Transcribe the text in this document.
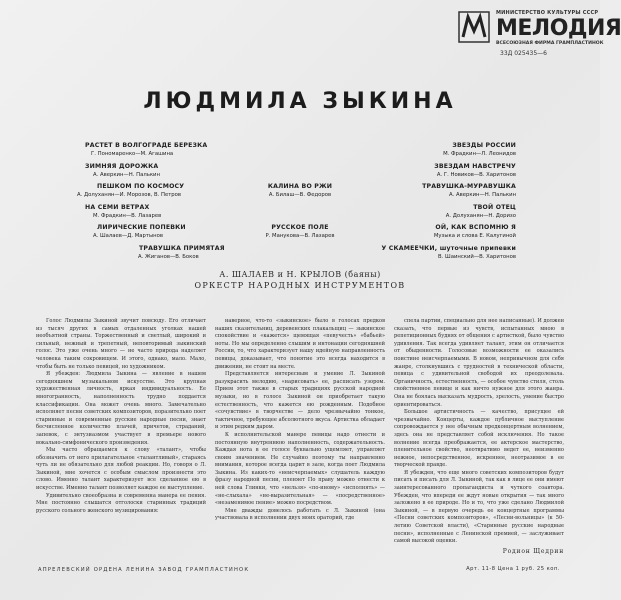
МИНИСТЕРСТВО КУЛЬТУРЫ СССР
МЕЛОДИЯ
ВСЕСОЮЗНАЯ ФИРМА ГРАМПЛАСТИНОК
33Д 025435—6
ЛЮДМИЛА ЗЫКИНА
РАСТЕТ В ВОЛГОГРАДЕ БЕРЕЗКА
Г. Пономаренко—М. Агашина
ЗИМНЯЯ ДОРОЖКА
А. Аверкин—Н. Палькин
ПЕШКОМ ПО КОСМОСУ
А. Долуханян—И. Морозов, В. Петров
НА СЕМИ ВЕТРАХ
М. Фрадкин—В. Лазарев
ЛИРИЧЕСКИЕ ПОПЕВКИ
А. Шалаев—Д. Мартынов
ТРАВУШКА ПРИМЯТАЯ
А. Жиганов—В. Боков
КАЛИНА ВО РЖИ
А. Билаш—В. Федоров
РУССКОЕ ПОЛЕ
Р. Манукова—В. Лазарев
ЗВЕЗДЫ РОССИИ
М. Фрадкин—Л. Леонидов
ЗВЕЗДАМ НАВСТРЕЧУ
А. Г. Новиков—В. Харитонов
ТРАВУШКА-МУРАВУШКА
А. Аверкин—Н. Палькин
ТВОЙ ОТЕЦ
А. Долуханян—Н. Доризо
ОЙ, КАК ВСПОМНЮ Я
Музыка и слова Е. Калугиной
У СКАМЕЕЧКИ, шуточные припевки
В. Шаинский—В. Харитонов
А. ШАЛАЕВ и Н. КРЫЛОВ (баяны)
ОРКЕСТР НАРОДНЫХ ИНСТРУМЕНТОВ

Голос Людмилы Зыкиной звучит повсюду. Его отличает из тысяч других в самых отдаленных уголках нашей необъятной страны. Торжественный и светлый, широкий и сильный, нежный и трепетный, неповторимый зыкинский голос. Это уже очень много — не часто природа наделяет человека таким сокровищем. И этого, однако, мало. Мало, чтобы быть не только певицей, но художником.

Я убежден: Людмила Зыкина — явление в нашем сегодняшнем музыкальном искусстве. Это крупная художественная личность, яркая индивидуальность. Ее многогранность, наполненность трудно поддается классификации. Она может очень много. Замечательно исполняет песни советских композиторов, поразительно поет старинные и современные русские народные песни, знает бесчисленное количество плачей, причетов, страданий, запевок, с энтузиазмом участвует в премьере нового вокально-симфонического произведения.

Мы часто обращаемся к слову «талант», чтобы обозначить от него прилагательное «талантливый», стараясь чуть ли не обязательно для любой реакции. Но, говоря о Л. Зыкиной, мне хочется с особым смыслом произнести это слово. Именно талант характеризует все сделанное ею в искусстве. Именно талант позволяет каждое ее выступление.

Удивительно своеобразна и современна манера ее пения. Мне постоянно слышатся отголоски старинных традиций русского сольного женского музицирования:

наверное, что-то «зыкинское» было в голосах предков наших сказительниц, деревенских плакальщиц — зыкинское спокойствие и «кажется» щемящая «певучесть» «бабьей» ноты. Но мы определенно слышим и интонации сегодняшней России, то, что характеризует нашу идейную направленность певицы, доказывает, что понятие это всегда находится в движении, не стоит на месте.

Представляется интересным и умение Л. Зыкиной разукрасить мелодию, «нарисовать» ее, расписать узором. Прием этот также в старых традициях русской народной музыки, но в голосе Зыкиной он приобретает такую естественность, что кажется ею рожденным. Подобное «сочувствие» в творчестве — дело чрезвычайно тонкое, тактичное, требующее абсолютного вкуса. Артистка обладает и этим редким даром.

К исполнительской манере певицы надо отнести и постоянную внутреннюю наполненность, содержательность. Каждая нота в ее голосе буквально ущемляет, управляет своим значением. Не случайно поэтому ты направленно внимания, которое всегда царит в зале, когда поет Людмила Зыкина. Из каких-то «неисчерпаемых» слушатель каждую фразу народной песни, пленяет По праву можно отнести к ней слова Глинки, что «нельзя» «по-иному» «исполнять» — «не-слыхала» «не-выразительная» — «посредственное» «незаменимое пение» можно посредством.

Мне дважды довелось работать с Л. Зыкиной (она участвовала в исполнении двух моих ораторий, где

спела партии, специально для нее написанные). И должен сказать, что первые из чувств, испытанных мною в репетиционных буднях от общения с артисткой, было чувство удивления. Так всегда удивляет талант, этим он отличается от обыденности. Голосовые возможности ее оказались поистине неисчерпаемыми. В новом, непривычном для себя жанре, столкнувшись с трудностей в технической области, певица с удивительной свободой их преодолевала. Органичность, естественность, — особое чувство стиля, столь свойственное певице и как ничто нужное для этого жанра. Она не боялась высказать мудрость, зрелость, умение быстро ориентироваться.

Большое артистичность — качество, присущее ей чрезвычайно. Концерты, каждое публичное выступление сопровождается у нее обычным предконцертным волнением, здесь она не представляет собой исключения. Но такое волнение всегда преображается, ее актерское мастерство, пленительное свойство, неотвратимо ведет ее, неизменно нежное, непосредственное, искреннее, неотразимое в ее творческой правде.

Я убежден, что еще много советских композиторов будут писать и писать для Л. Зыкиной, так как в лице ее они имеют заинтересованного пропагандиста и чуткого соавтора. Убежден, что впереди ее ждут новые открытия — так много заложено в ее природе. Но и то, что уже сделано Людмилой Зыкиной, — в первую очередь ее концертные программы «Песни советских композиторов», «Песни-вольницы» (к 50-летию Советской власти), «Старинные русские народные песни», исполненные с Ленинской премией, — заслуживает самой высокой оценки.

Родион Щедрин
АПРЕЛЕВСКИЙ ОРДЕНА ЛЕНИНА ЗАВОД ГРАМПЛАСТИНОК	Арт. 11-8 Цена 1 руб. 25 коп.
